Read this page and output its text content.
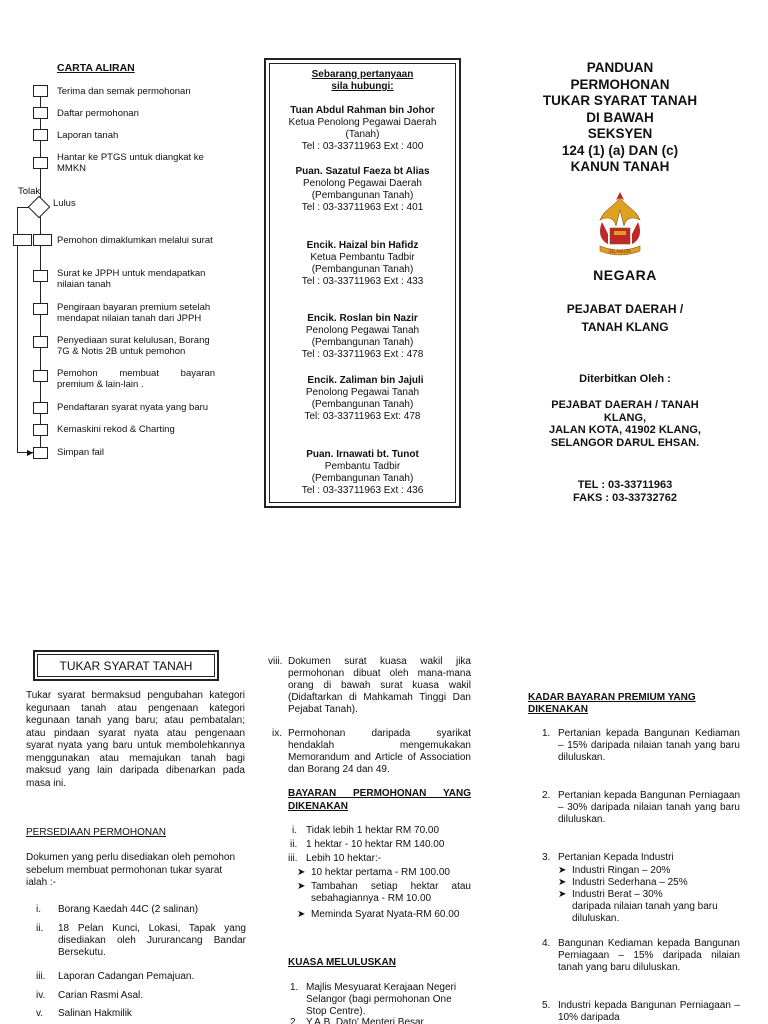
CARTA ALIRAN
▶
Terima dan semak permohonan
Daftar permohonan
Laporan tanah
Hantar ke PTGS untuk diangkat ke MMKN
Tolak
Lulus
Pemohon dimaklumkan melalui surat
Surat ke JPPH untuk mendapatkan nilaian tanah
Pengiraan bayaran premium setelah mendapat nilaian tanah dari JPPH
Penyediaan surat kelulusan, Borang 7G & Notis 2B untuk pemohon
Pemohon membuat bayaran premium & lain-lain .
Pendaftaran syarat nyata yang baru
Kemaskini rekod & Charting
Simpan fail
Sebarang pertanyaan
sila hubungi:
Tuan Abdul Rahman bin Johor
Ketua Penolong Pegawai Daerah
(Tanah)
Tel : 03-33711963 Ext : 400
Puan. Sazatul Faeza bt Alias
Penolong Pegawai Daerah
(Pembangunan Tanah)
Tel : 03-33711963 Ext : 401
Encik. Haizal bin Hafidz
Ketua Pembantu Tadbir
(Pembangunan Tanah)
Tel : 03-33711963 Ext : 433
Encik. Roslan bin Nazir
Penolong Pegawai Tanah
(Pembangunan Tanah)
Tel : 03-33711963 Ext : 478
Encik. Zaliman bin Jajuli
Penolong Pegawai Tanah
(Pembangunan Tanah)
Tel: 03-33711963 Ext: 478
Puan. Irnawati bt. Tunot
Pembantu Tadbir
(Pembangunan Tanah)
Tel : 03-33711963 Ext : 436
PANDUAN
PERMOHONAN
TUKAR SYARAT TANAH
DI BAWAH
SEKSYEN
124 (1) (a) DAN (c)
KANUN TANAH
SELANGOR
NEGARA
PEJABAT DAERAH /
TANAH KLANG
Diterbitkan Oleh :
PEJABAT DAERAH / TANAH
KLANG,
JALAN KOTA, 41902 KLANG,
SELANGOR DARUL EHSAN.
TEL : 03-33711963
FAKS : 03-33732762
TUKAR SYARAT TANAH
Tukar syarat bermaksud pengubahan kategori kegunaan tanah atau pengenaan kategori kegunaan tanah yang baru; atau pembatalan; atau pindaan syarat nyata atau pengenaan syarat nyata yang baru untuk membolehkannya menggunakan atau memajukan tanah bagi maksud yang lain daripada dibenarkan pada masa ini.
PERSEDIAAN PERMOHONAN
Dokumen yang perlu disediakan oleh pemohon sebelum membuat permohonan tukar syarat ialah :-
i. Borang Kaedah 44C (2 salinan)
ii. 18 Pelan Kunci, Lokasi, Tapak yang disediakan oleh Jururancang Bandar Bersekutu.
iii. Laporan Cadangan Pemajuan.
iv. Carian Rasmi Asal.
v. Salinan Hakmilik
viii. Dokumen surat kuasa wakil jika permohonan dibuat oleh mana-mana orang di bawah surat kuasa wakil (Didaftarkan di Mahkamah Tinggi Dan Pejabat Tanah).
ix. Permohonan daripada syarikat hendaklah mengemukakan Memorandum and Article of Association dan Borang 24 dan 49.
BAYARAN PERMOHONAN YANG DIKENAKAN
i. Tidak lebih 1 hektar RM 70.00
ii. 1 hektar - 10 hektar RM 140.00
iii. Lebih 10 hektar:-
➤ 10 hektar pertama - RM 100.00
➤ Tambahan setiap hektar atau sebahagiannya - RM 10.00
➤ Meminda Syarat Nyata-RM 60.00
KUASA MELULUSKAN
1. Majlis Mesyuarat Kerajaan Negeri Selangor (bagi permohonan One Stop Centre).
2. Y.A.B. Dato' Menteri Besar
KADAR BAYARAN PREMIUM YANG DIKENAKAN
1. Pertanian kepada Bangunan Kediaman – 15% daripada nilaian tanah yang baru diluluskan.
2. Pertanian kepada Bangunan Perniagaan – 30% daripada nilaian tanah yang baru diluluskan.
3. Pertanian Kepada Industri
➤ Industri Ringan – 20%
➤ Industri Sederhana – 25%
➤ Industri Berat – 30%
daripada nilaian tanah yang baru diluluskan.
4. Bangunan Kediaman kepada Bangunan Perniagaan – 15% daripada nilaian tanah yang baru diluluskan.
5. Industri kepada Bangunan Perniagaan – 10% daripada
